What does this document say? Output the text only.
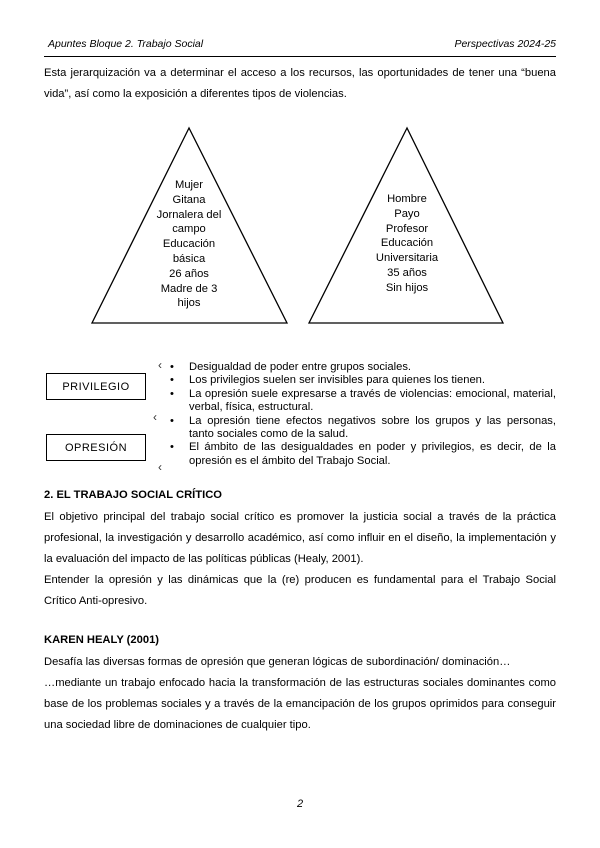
Apuntes Bloque 2. Trabajo Social	Perspectivas 2024-25

Esta jerarquización va a determinar el acceso a los recursos, las oportunidades de tener una “buena vida”, así como la exposición a diferentes tipos de violencias.

Mujer
Gitana
Jornalera del
campo
Educación
básica
26 años
Madre de 3
hijos
Hombre
Payo
Profesor
Educación
Universitaria
35 años
Sin hijos
PRIVILEGIO
OPRESIÓN
‹
‹
‹
• Desigualdad de poder entre grupos sociales.
• Los privilegios suelen ser invisibles para quienes los tienen.
• La opresión suele expresarse a través de violencias: emocional, material, verbal, física, estructural.
• La opresión tiene efectos negativos sobre los grupos y las personas, tanto sociales como de la salud.
• El ámbito de las desigualdades en poder y privilegios, es decir, de la opresión es el ámbito del Trabajo Social.
2. EL TRABAJO SOCIAL CRÍTICO

El objetivo principal del trabajo social crítico es promover la justicia social a través de la práctica profesional, la investigación y desarrollo académico, así como influir en el diseño, la implementación y la evaluación del impacto de las políticas públicas (Healy, 2001).

Entender la opresión y las dinámicas que la (re) producen es fundamental para el Trabajo Social Crítico Anti-opresivo.

KAREN HEALY (2001)

Desafía las diversas formas de opresión que generan lógicas de subordinación/ dominación…

…mediante un trabajo enfocado hacia la transformación de las estructuras sociales dominantes como base de los problemas sociales y a través de la emancipación de los grupos oprimidos para conseguir una sociedad libre de dominaciones de cualquier tipo.

2
